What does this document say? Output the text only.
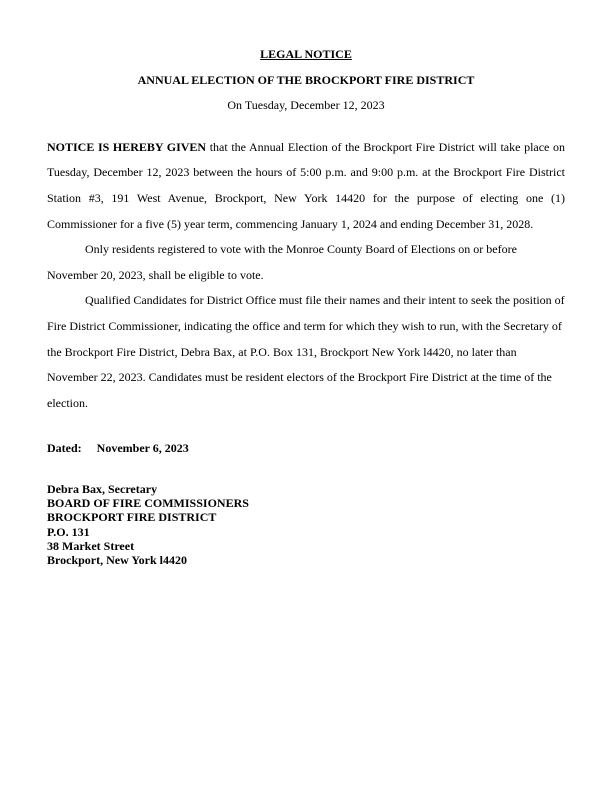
LEGAL NOTICE
ANNUAL ELECTION OF THE BROCKPORT FIRE DISTRICT
On Tuesday, December 12, 2023

NOTICE IS HEREBY GIVEN that the Annual Election of the Brockport Fire District will take place on Tuesday, December 12, 2023 between the hours of 5:00 p.m. and 9:00 p.m. at the Brockport Fire District Station #3, 191 West Avenue, Brockport, New York 14420 for the purpose of electing one (1) Commissioner for a five (5) year term, commencing January 1, 2024 and ending December 31, 2028.

Only residents registered to vote with the Monroe County Board of Elections on or before November 20, 2023, shall be eligible to vote.

Qualified Candidates for District Office must file their names and their intent to seek the position of Fire District Commissioner, indicating the office and term for which they wish to run, with the Secretary of the Brockport Fire District, Debra Bax, at P.O. Box 131, Brockport New York l4420, no later than November 22, 2023. Candidates must be resident electors of the Brockport Fire District at the time of the election.

Dated: November 6, 2023
Debra Bax, Secretary
BOARD OF FIRE COMMISSIONERS
BROCKPORT FIRE DISTRICT
P.O. 131
38 Market Street
Brockport, New York l4420
